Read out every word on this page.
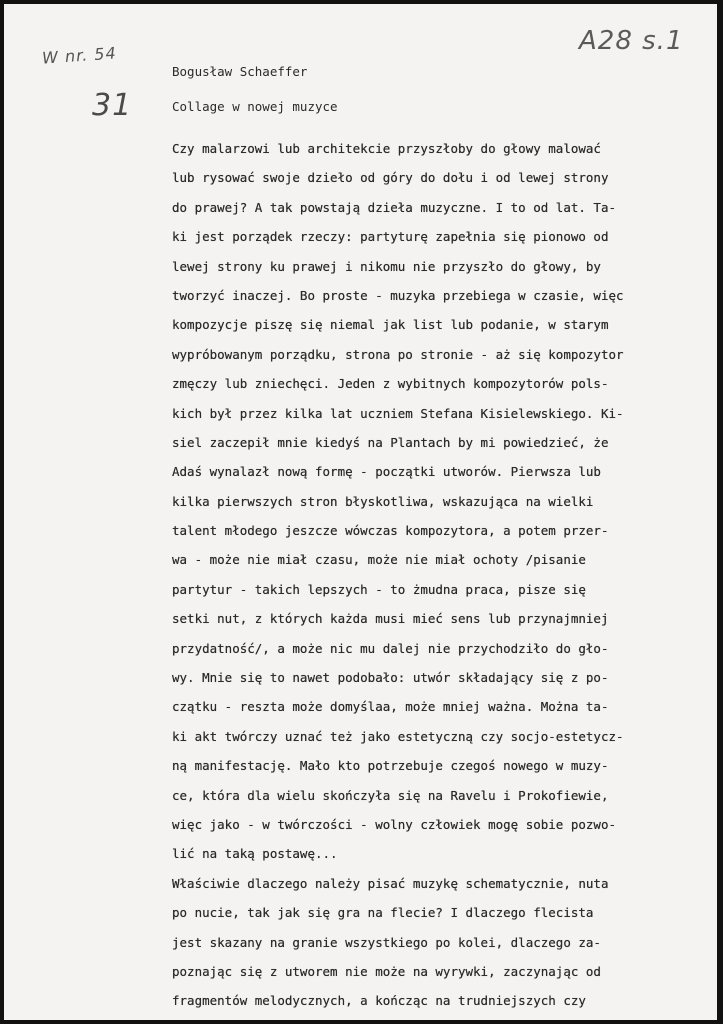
W nr. 54
31
A28 s.1

Bogusław Schaeffer

Collage w nowej muzyce

Czy malarzowi lub architekcie przyszłoby do głowy malować
lub rysować swoje dzieło od góry do dołu i od lewej strony
do prawej? A tak powstają dzieła muzyczne. I to od lat. Ta-
ki jest porządek rzeczy: partyturę zapełnia się pionowo od
lewej strony ku prawej i nikomu nie przyszło do głowy, by
tworzyć inaczej. Bo proste - muzyka przebiega w czasie, więc
kompozycje piszę się niemal jak list lub podanie, w starym
wypróbowanym porządku, strona po stronie - aż się kompozytor
zmęczy lub zniechęci. Jeden z wybitnych kompozytorów pols-
kich był przez kilka lat uczniem Stefana Kisielewskiego. Ki-
siel zaczepił mnie kiedyś na Plantach by mi powiedzieć, że
Adaś wynalazł nową formę - początki utworów. Pierwsza lub
kilka pierwszych stron błyskotliwa, wskazująca na wielki
talent młodego jeszcze wówczas kompozytora, a potem przer-
wa - może nie miał czasu, może nie miał ochoty /pisanie
partytur - takich lepszych - to żmudna praca, pisze się
setki nut, z których każda musi mieć sens lub przynajmniej
przydatność/, a może nic mu dalej nie przychodziło do gło-
wy. Mnie się to nawet podobało: utwór składający się z po-
czątku - reszta może domyślaa, może mniej ważna. Można ta-
ki akt twórczy uznać też jako estetyczną czy socjo-estetycz-
ną manifestację. Mało kto potrzebuje czegoś nowego w muzy-
ce, która dla wielu skończyła się na Ravelu i Prokofiewie,
więc jako - w twórczości - wolny człowiek mogę sobie pozwo-
lić na taką postawę...
Właściwie dlaczego należy pisać muzykę schematycznie, nuta
po nucie, tak jak się gra na flecie? I dlaczego flecista
jest skazany na granie wszystkiego po kolei, dlaczego za-
poznając się z utworem nie może na wyrywki, zaczynając od
fragmentów melodycznych, a kończąc na trudniejszych czy
